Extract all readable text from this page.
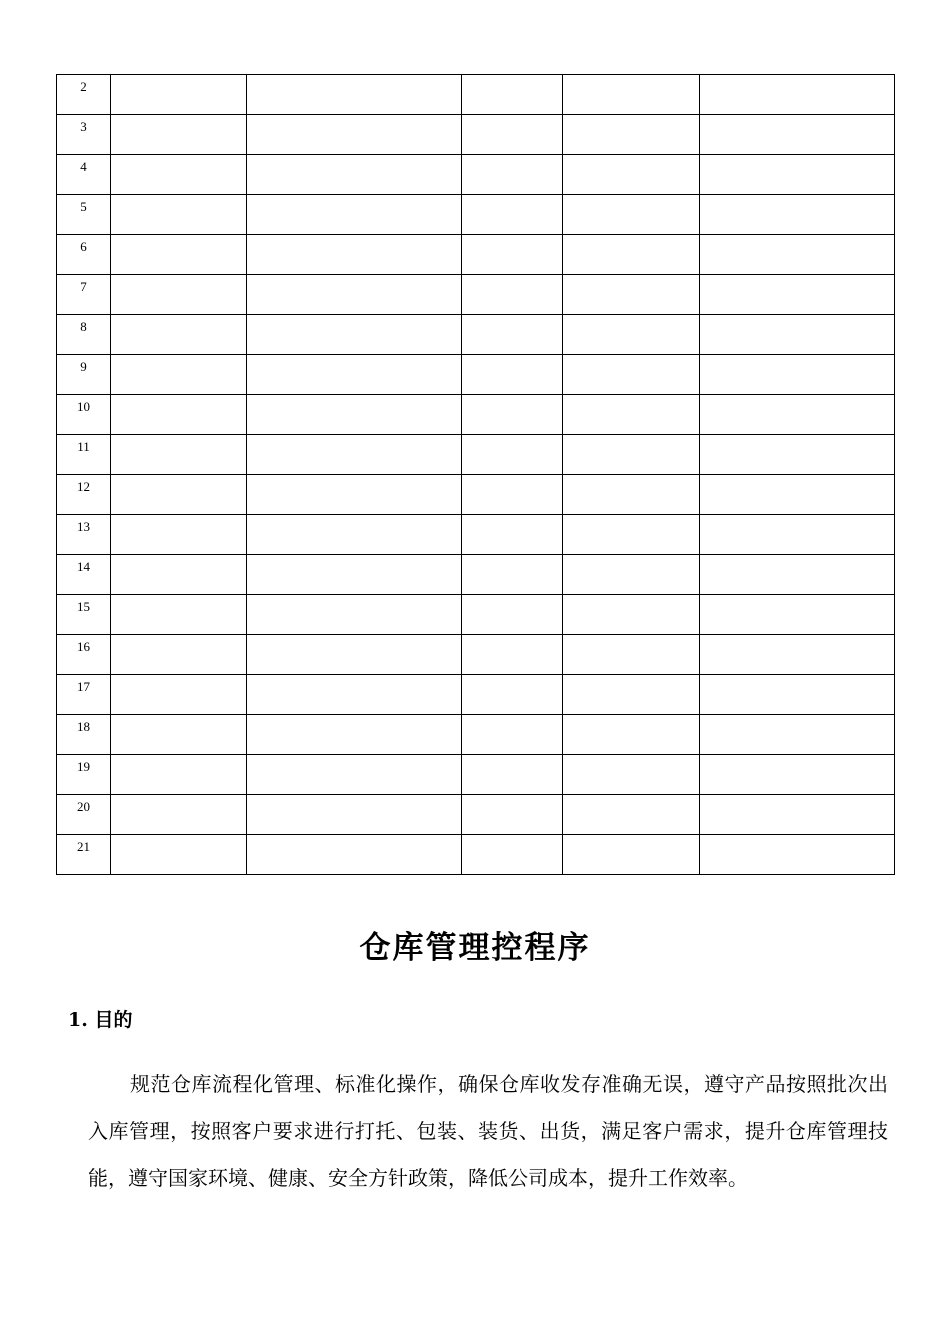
2					
3					
4					
5					
6					
7					
8					
9					
10					
11					
12					
13					
14					
15					
16					
17					
18					
19					
20					
21					
仓库管理控程序
1. 目的

规范仓库流程化管理、标准化操作，确保仓库收发存准确无误，遵守产品按照批次出入库管理，按照客户要求进行打托、包装、装货、出货，满足客户需求，提升仓库管理技能，遵守国家环境、健康、安全方针政策，降低公司成本，提升工作效率。
